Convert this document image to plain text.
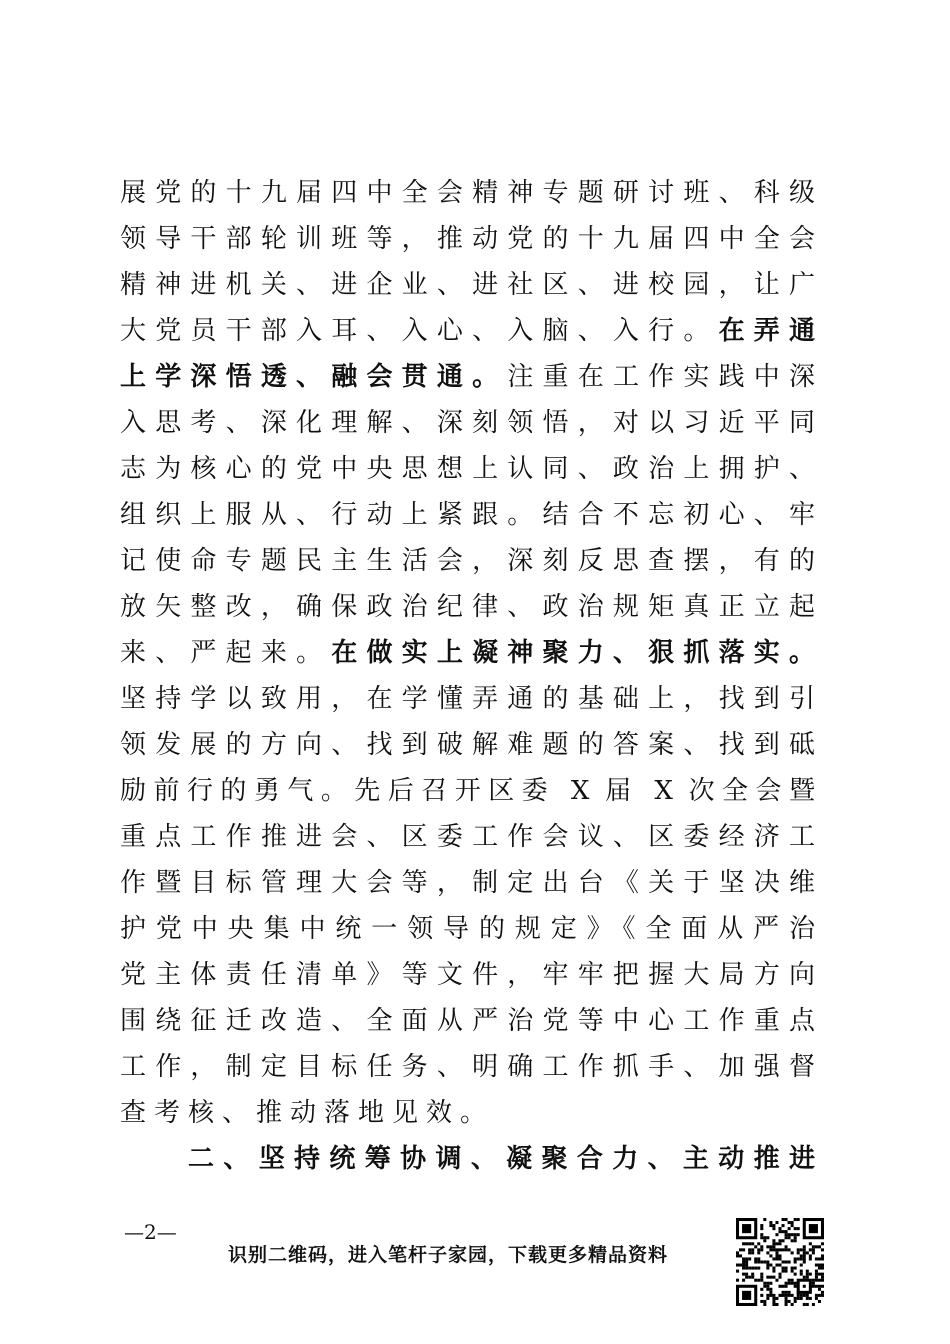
展党的十九届四中全会精神专题研讨班、科级
领导干部轮训班等，推动党的十九届四中全会
精神进机关、进企业、进社区、进校园，让广
大党员干部入耳、入心、入脑、入行。在弄通
上学深悟透、融会贯通。注重在工作实践中深
入思考、深化理解、深刻领悟，对以习近平同
志为核心的党中央思想上认同、政治上拥护、
组织上服从、行动上紧跟。结合不忘初心、牢
记使命专题民主生活会，深刻反思查摆，有的
放矢整改，确保政治纪律、政治规矩真正立起
来、严起来。在做实上凝神聚力、狠抓落实。
坚持学以致用，在学懂弄通的基础上，找到引
领发展的方向、找到破解难题的答案、找到砥
励前行的勇气。先后召开区委 X 届 X 次全会暨
重点工作推进会、区委工作会议、区委经济工
作暨目标管理大会等，制定出台《关于坚决维
护党中央集中统一领导的规定》《全面从严治
党主体责任清单》等文件，牢牢把握大局方向
围绕征迁改造、全面从严治党等中心工作重点
工作，制定目标任务、明确工作抓手、加强督
查考核、推动落地见效。
二、坚持统筹协调、凝聚合力、主动推进
—2—
识别二维码，进入笔杆子家园，下载更多精品资料
